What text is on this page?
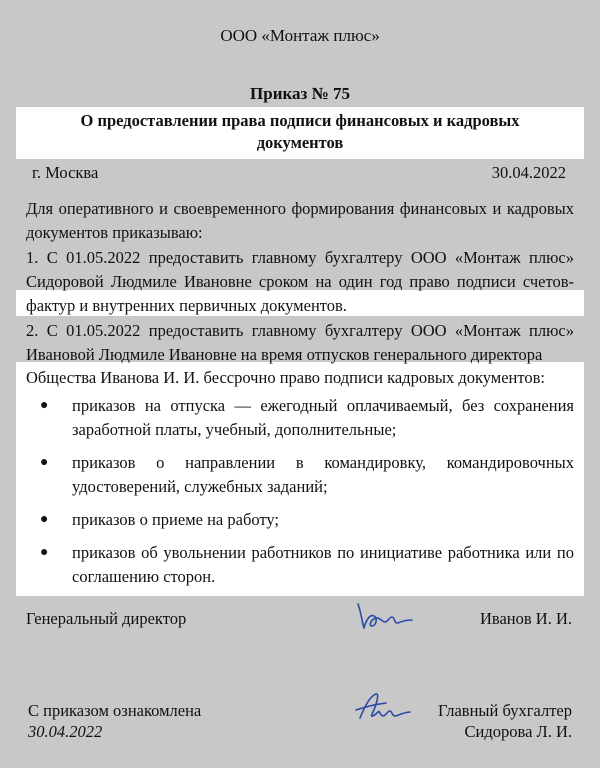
ООО «Монтаж плюс»
Приказ № 75
О предоставлении права подписи финансовых и кадровых документов
г. Москва	30.04.2022
Для оперативного и своевременного формирования финансовых и кадровых документов приказываю:
1. С 01.05.2022 предоставить главному бухгалтеру ООО «Монтаж плюс» Сидоровой Людмиле Ивановне сроком на один год право подписи счетов-фактур и внутренних первичных документов.
2. С 01.05.2022 предоставить главному бухгалтеру ООО «Монтаж плюс» Ивановой Людмиле Ивановне на время отпусков генерального директора
Общества Иванова И. И. бессрочно право подписи кадровых документов:
● приказов на отпуска — ежегодный оплачиваемый, без сохранения заработной платы, учебный, дополнительные;
● приказов о направлении в командировку, командировочных удостоверений, служебных заданий;
● приказов о приеме на работу;
● приказов об увольнении работников по инициативе работника или по соглашению сторон.
Генеральный директор	Иванов И. И.
С приказом ознакомлена
30.04.2022
Главный бухгалтер
Сидорова Л. И.
